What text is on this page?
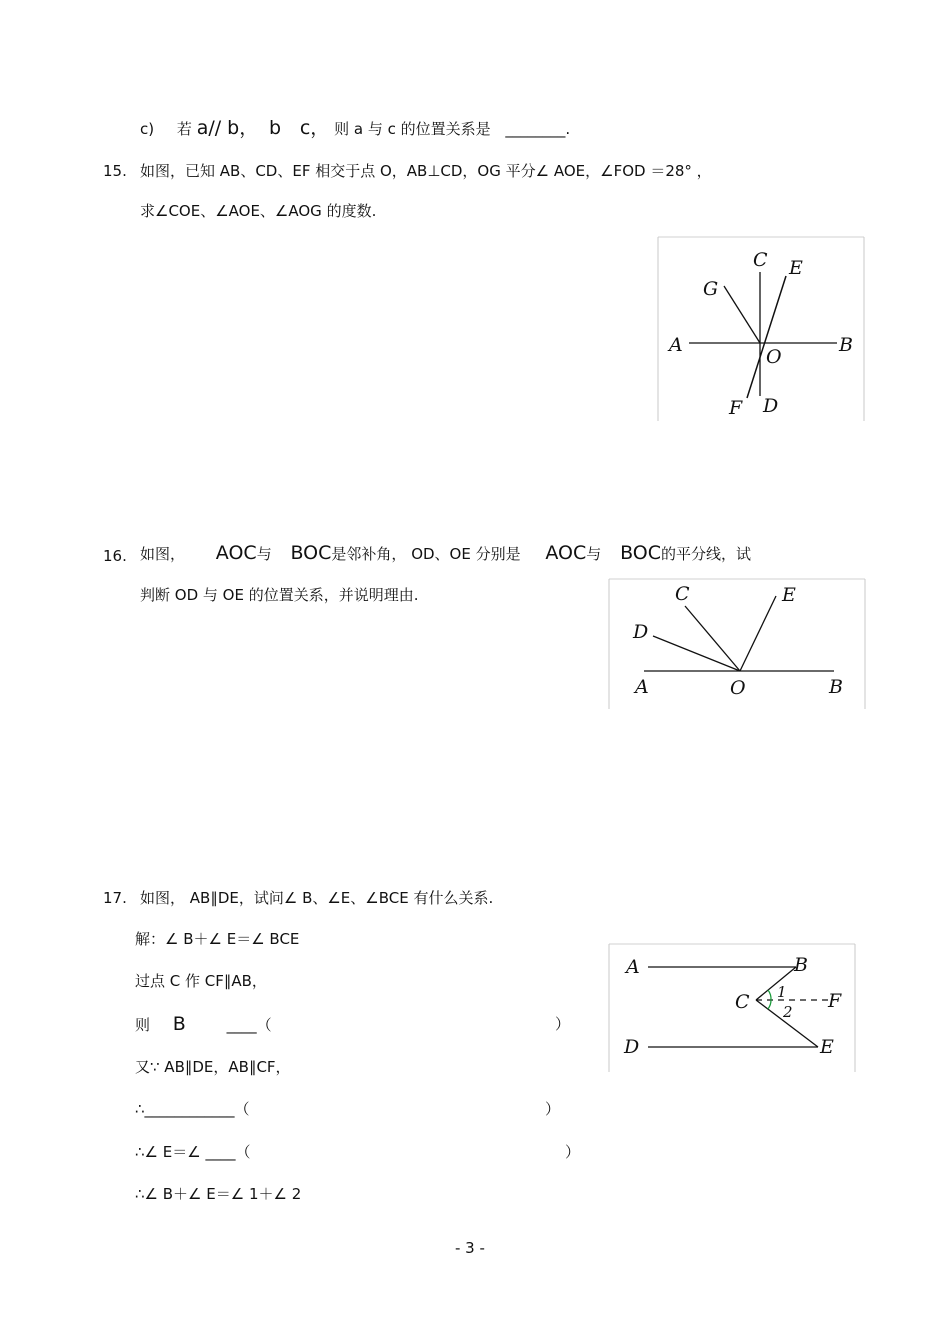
c) 若 a// b， b c， 则 a 与 c 的位置关系是 ________.
15. 如图，已知 AB、CD、EF 相交于点 O，AB⊥CD，OG 平分∠ AOE，∠FOD ＝28° ，
求∠COE、∠AOE、∠AOG 的度数.
C E
G
A
O
B
F D
16. 如图， AOC与 BOC是邻补角， OD、OE 分别是 AOC与 BOC的平分线，试
判断 OD 与 OE 的位置关系，并说明理由.	C	E
D
A	O	B
17. 如图， AB∥DE，试问∠ B、∠E、∠BCE 有什么关系.
解：∠ B＋∠ E＝∠ BCE
过点 C 作 CF∥AB，
则 B	____（	）
又∵ AB∥DE，AB∥CF，
∴____________（	）
∴∠ E＝∠ ____（	）
∴∠ B＋∠ E＝∠ 1＋∠ 2
A	B
C	F
D	E
1
2
- 3 -
